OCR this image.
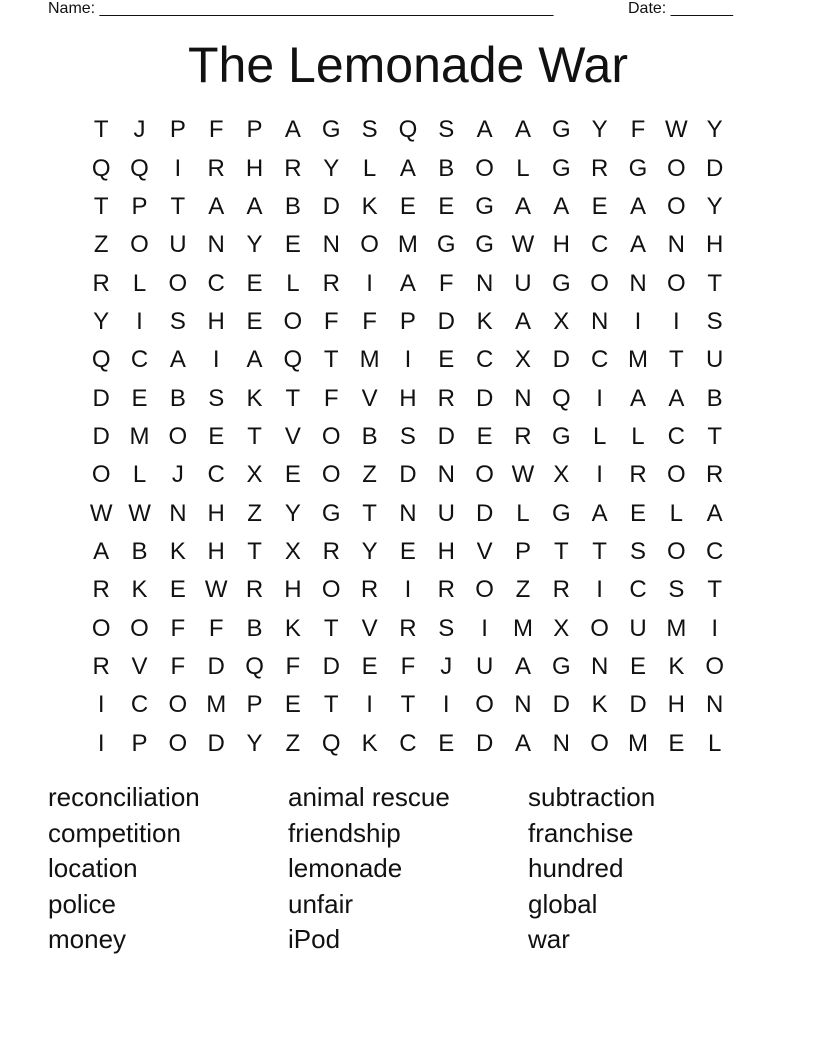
Name: ___________________________________________________	Date: _______
The Lemonade War
T	J	P F P A G S Q S A A G Y F W Y
Q Q	I	R H R Y L A B O L G R G O D
T P T A A B D K E E G A A E A O Y
Z O U N Y E N O M G G W H C A N H
R L O C E L R	I	A F N U G O N O T
Y	I	S H E O F F P D K A X N	I	I	S
Q C A	I	A Q T M	I	E C X D C M T U
D E B S K T F V H R D N Q	I	A A B
D M O E T V O B S D E R G L	L C T
O L	J C X E O Z D N O W X	I	R O R
W W N H Z Y G T N U D L G A E L A
A B K H T X R Y E H V P T T S O C
R K E W R H O R	I	R O Z R	I	C S T
O O F F B K T V R S	I	M X O U M	I
R V F D Q F D E F	J U A G N E K O
I	C O M P E T	I	T	I	O N D K D H N
I	P O D Y Z Q K C E D A N O M E L
reconciliation
competition
location
police
money
animal rescue
friendship
lemonade
unfair
iPod
subtraction
franchise
hundred
global
war
